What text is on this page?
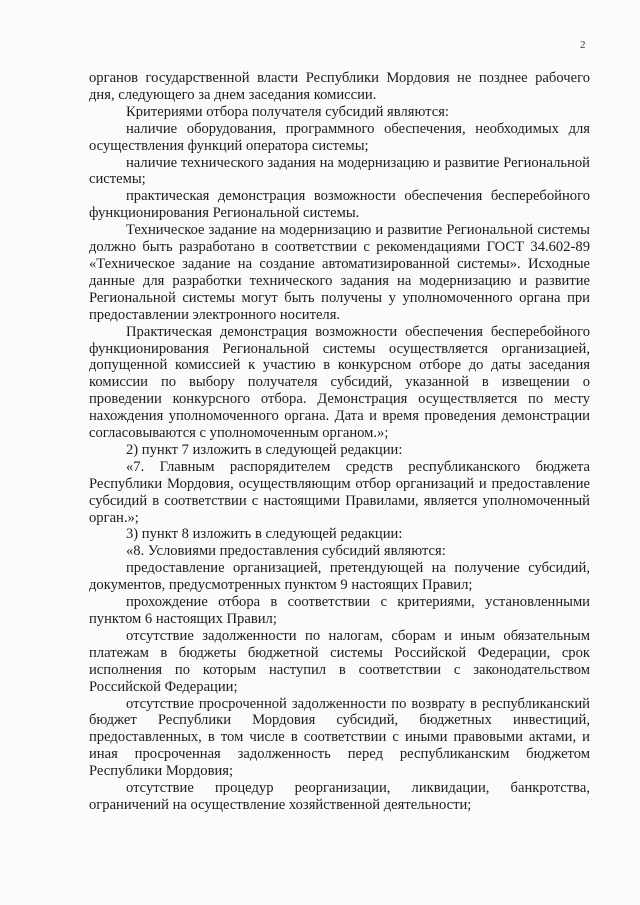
2

органов государственной власти Республики Мордовия не позднее рабочего дня, следующего за днем заседания комиссии.

Критериями отбора получателя субсидий являются:

наличие оборудования, программного обеспечения, необходимых для осуществления функций оператора системы;

наличие технического задания на модернизацию и развитие Региональной системы;

практическая демонстрация возможности обеспечения бесперебойного функционирования Региональной системы.

Техническое задание на модернизацию и развитие Региональной системы должно быть разработано в соответствии с рекомендациями ГОСТ 34.602-89 «Техническое задание на создание автоматизированной системы». Исходные данные для разработки технического задания на модернизацию и развитие Региональной системы могут быть получены у уполномоченного органа при предоставлении электронного носителя.

Практическая демонстрация возможности обеспечения бесперебойного функционирования Региональной системы осуществляется организацией, допущенной комиссией к участию в конкурсном отборе до даты заседания комиссии по выбору получателя субсидий, указанной в извещении о проведении конкурсного отбора. Демонстрация осуществляется по месту нахождения уполномоченного органа. Дата и время проведения демонстрации согласовываются с уполномоченным органом.»;

2) пункт 7 изложить в следующей редакции:

«7. Главным распорядителем средств республиканского бюджета Республики Мордовия, осуществляющим отбор организаций и предоставление субсидий в соответствии с настоящими Правилами, является уполномоченный орган.»;

3) пункт 8 изложить в следующей редакции:

«8. Условиями предоставления субсидий являются:

предоставление организацией, претендующей на получение субсидий, документов, предусмотренных пунктом 9 настоящих Правил;

прохождение отбора в соответствии с критериями, установленными пунктом 6 настоящих Правил;

отсутствие задолженности по налогам, сборам и иным обязательным платежам в бюджеты бюджетной системы Российской Федерации, срок исполнения по которым наступил в соответствии с законодательством Российской Федерации;

отсутствие просроченной задолженности по возврату в республиканский бюджет Республики Мордовия субсидий, бюджетных инвестиций, предоставленных, в том числе в соответствии с иными правовыми актами, и иная просроченная задолженность перед республиканским бюджетом Республики Мордовия;

отсутствие процедур реорганизации, ликвидации, банкротства, ограничений на осуществление хозяйственной деятельности;
